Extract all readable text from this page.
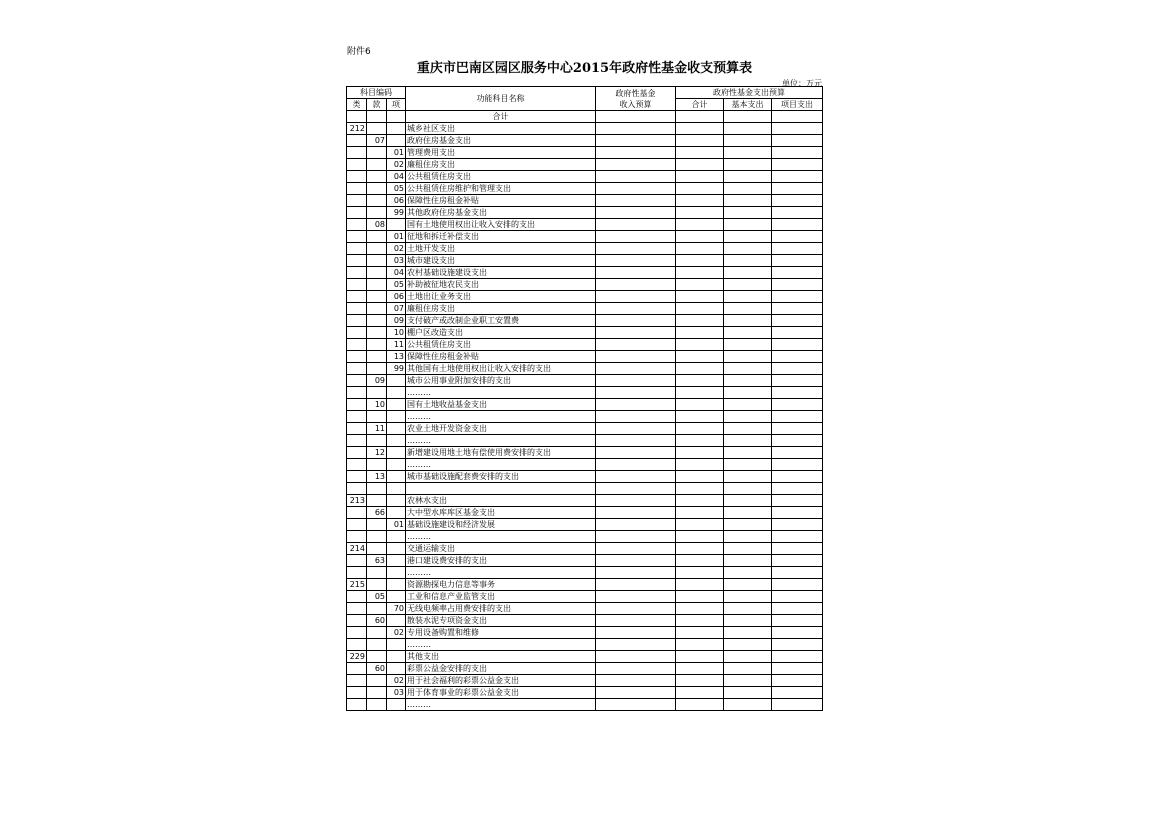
附件6
重庆市巴南区园区服务中心2015年政府性基金收支预算表
单位：万元
科目编码			功能科目名称	政府性基金
收入预算	政府性基金支出预算		
类	款	项			合计	基本支出	项目支出
			合计				
212			城乡社区支出				
	07		政府住房基金支出				
		01	管理费用支出				
		02	廉租住房支出				
		04	公共租赁住房支出				
		05	公共租赁住房维护和管理支出				
		06	保障性住房租金补贴				
		99	其他政府住房基金支出				
	08		国有土地使用权出让收入安排的支出				
		01	征地和拆迁补偿支出				
		02	土地开发支出				
		03	城市建设支出				
		04	农村基础设施建设支出				
		05	补助被征地农民支出				
		06	土地出让业务支出				
		07	廉租住房支出				
		09	支付破产或改制企业职工安置费				
		10	棚户区改造支出				
		11	公共租赁住房支出				
		13	保障性住房租金补贴				
		99	其他国有土地使用权出让收入安排的支出				
	09		城市公用事业附加安排的支出				
			………				
	10		国有土地收益基金支出				
			………				
	11		农业土地开发资金支出				
			………				
	12		新增建设用地土地有偿使用费安排的支出				
			………				
	13		城市基础设施配套费安排的支出				

213			农林水支出				
	66		大中型水库库区基金支出				
		01	基础设施建设和经济发展				
			………				
214			交通运输支出				
	63		港口建设费安排的支出				
			………				
215			资源勘探电力信息等事务				
	05		工业和信息产业监管支出				
		70	无线电频率占用费安排的支出				
	60		散装水泥专项资金支出				
		02	专用设备购置和维修				
			………				
229			其他支出				
	60		彩票公益金安排的支出				
		02	用于社会福利的彩票公益金支出				
		03	用于体育事业的彩票公益金支出				
			………				
